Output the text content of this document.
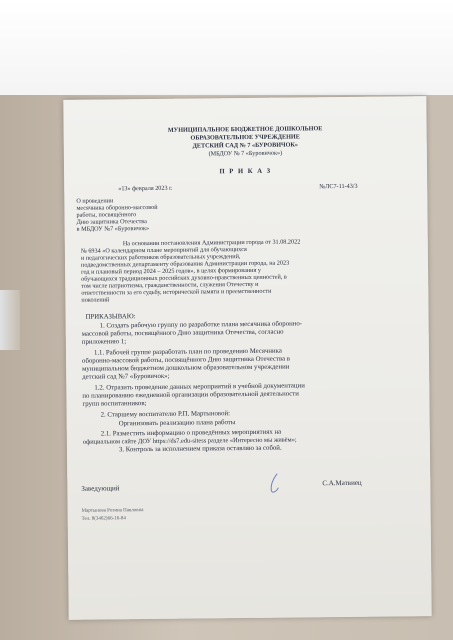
МУНИЦИПАЛЬНОЕ БЮДЖЕТНОЕ ДОШКОЛЬНОЕ
ОБРАЗОВАТЕЛЬНОЕ УЧРЕЖДЕНИЕ
ДЕТСКИЙ САД № 7 «БУРОВИЧОК»
(МБДОУ № 7 «Буровичок»)
П Р И К А З
«13» февраля 2023 г.	№ЛС7-11-43/3
О проведении
месячника оборонно-массовой
работы, посвящённого
Дню защитника Отечества
в МБДОУ №7 «Буровичок»
На основании постановления Администрации города от 31.08.2022
№ 6934 «О календарном плане мероприятий для обучающихся
и педагогических работников образовательных учреждений,
подведомственных департаменту образования Администрации города, на 2023
год и плановый период 2024 – 2025 годов», в целях формирования у
обучающихся традиционных российских духовно-нравственных ценностей, в
том числе патриотизма, гражданственности, служения Отечеству и
ответственности за его судьбу, исторической памяти и преемственности
поколений
ПРИКАЗЫВАЮ:
1. Создать рабочую группу по разработке плана месячника оборонно-
массовой работы, посвящённого Дню защитника Отечества, согласно
приложению 1;
1.1. Рабочей группе разработать план по проведению Месячника
оборонно-массовой работы, посвящённого Дню защитника Отечества в
муниципальном бюджетном дошкольном образовательном учреждении
детский сад №7 «Буровичок»;
1.2. Отразить проведение данных мероприятий в учебной документации
по планированию ежедневной организации образовательной деятельности
групп воспитанников;
2. Старшему воспитателю Р.П. Мартыновой:
Организовать реализацию плана работы
2.1. Разместить информацию о проведённых мероприятиях на
официальном сайте ДОУ https://ds7.edu-sitess разделе «Интересно мы живём»;
3. Контроль за исполнением приказа оставляю за собой.
Заведующий
С.А.Матвиец
Мартынова Розина Павловна
Тел. 8(3462)66-16-84
